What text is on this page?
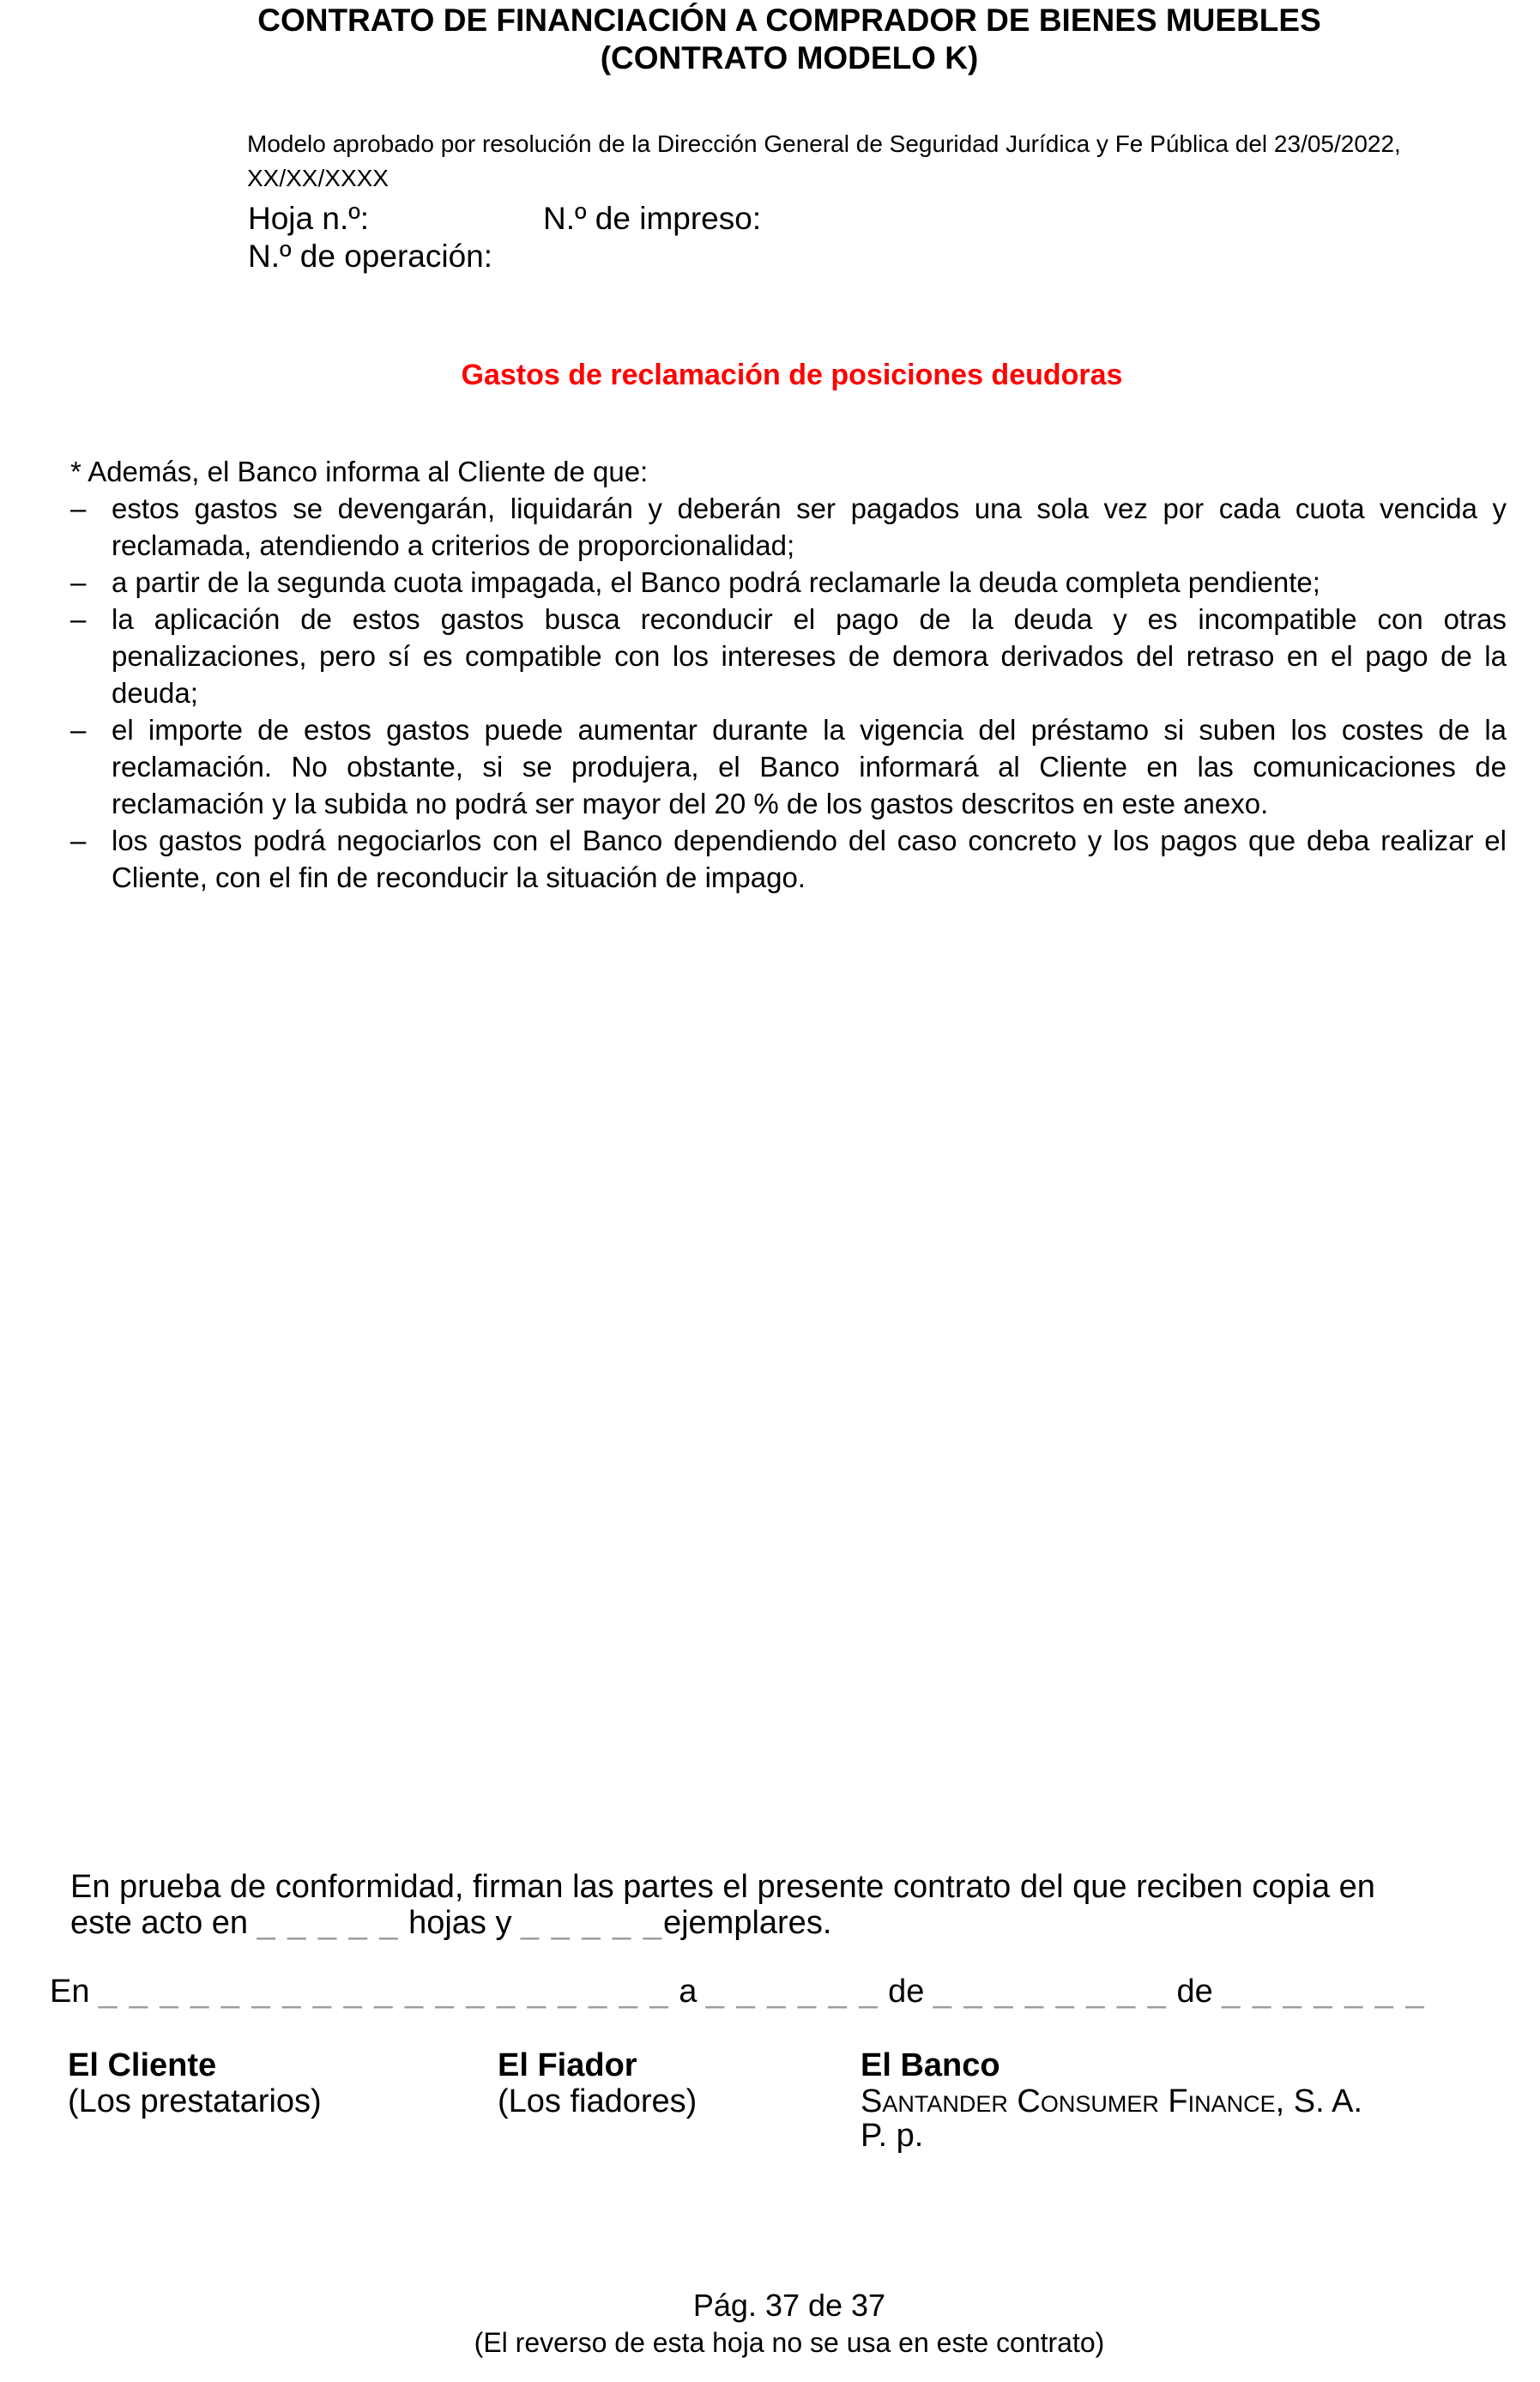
CONTRATO DE FINANCIACIÓN A COMPRADOR DE BIENES MUEBLES
(CONTRATO MODELO K)
Modelo aprobado por resolución de la Dirección General de Seguridad Jurídica y Fe Pública del 23/05/2022,
XX/XX/XXXX
Hoja n.º:	N.º de impreso:
N.º de operación:
Gastos de reclamación de posiciones deudoras

* Además, el Banco informa al Cliente de que:

– estos gastos se devengarán, liquidarán y deberán ser pagados una sola vez por cada cuota vencida y reclamada, atendiendo a criterios de proporcionalidad;
– a partir de la segunda cuota impagada, el Banco podrá reclamarle la deuda completa pendiente;
– la aplicación de estos gastos busca reconducir el pago de la deuda y es incompatible con otras penalizaciones, pero sí es compatible con los intereses de demora derivados del retraso en el pago de la deuda;
– el importe de estos gastos puede aumentar durante la vigencia del préstamo si suben los costes de la reclamación. No obstante, si se produjera, el Banco informará al Cliente en las comunicaciones de reclamación y la subida no podrá ser mayor del 20 % de los gastos descritos en este anexo.
– los gastos podrá negociarlos con el Banco dependiendo del caso concreto y los pagos que deba realizar el Cliente, con el fin de reconducir la situación de impago.
En prueba de conformidad, firman las partes el presente contrato del que reciben copia en
este acto en _ _ _ _ _ hojas y _ _ _ _ _ejemplares.
En _ _ _ _ _ _ _ _ _ _ _ _ _ _ _ _ _ _ _ a _ _ _ _ _ _ de _ _ _ _ _ _ _ _ de _ _ _ _ _ _ _
El Cliente
(Los prestatarios)
El Fiador
(Los fiadores)
El Banco
Santander Consumer Finance, S. A.
P. p.
Pág. 37 de 37
(El reverso de esta hoja no se usa en este contrato)
